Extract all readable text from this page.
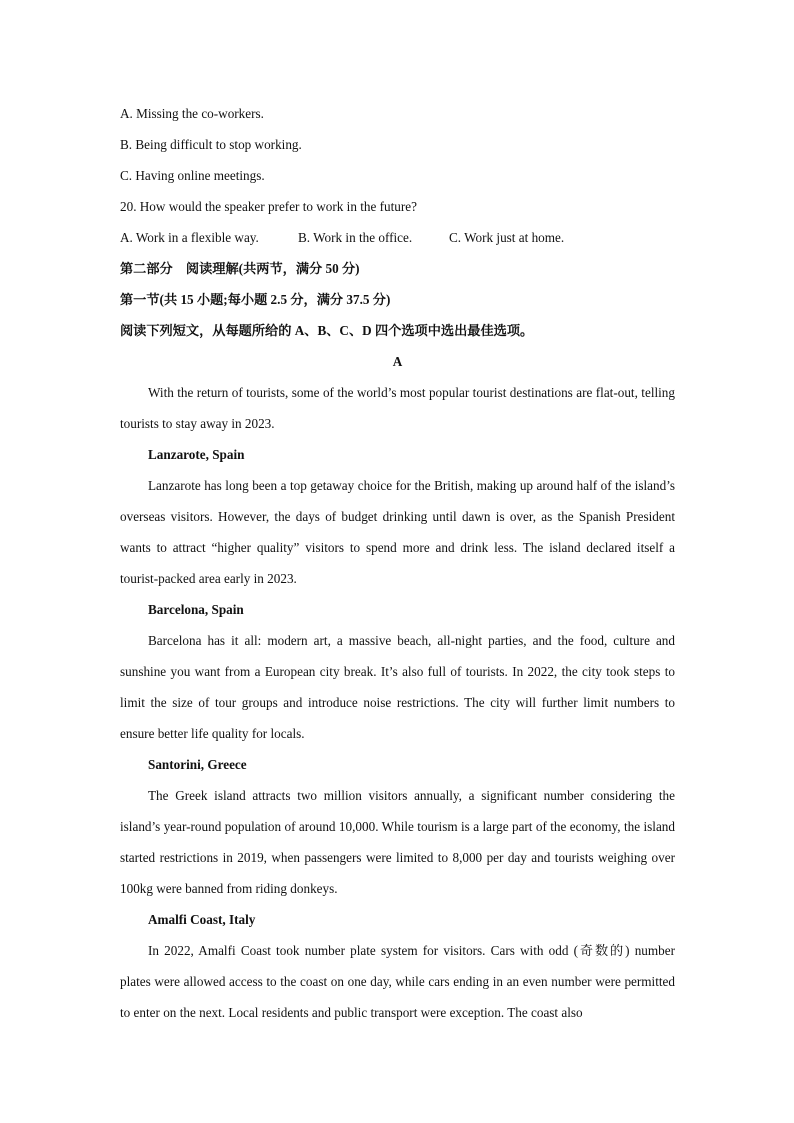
A. Missing the co-workers.
B. Being difficult to stop working.
C. Having online meetings.
20. How would the speaker prefer to work in the future?
A. Work in a flexible way.	B. Work in the office.	C. Work just at home.
第二部分　阅读理解(共两节，满分 50 分)
第一节(共 15 小题;每小题 2.5 分，满分 37.5 分)
阅读下列短文，从每题所给的 A、B、C、D 四个选项中选出最佳选项。
A
With the return of tourists, some of the world’s most popular tourist destinations are flat-out, telling tourists to stay away in 2023.
Lanzarote, Spain
Lanzarote has long been a top getaway choice for the British, making up around half of the island’s overseas visitors. However, the days of budget drinking until dawn is over, as the Spanish President wants to attract “higher quality” visitors to spend more and drink less. The island declared itself a tourist-packed area early in 2023.
Barcelona, Spain
Barcelona has it all: modern art, a massive beach, all-night parties, and the food, culture and sunshine you want from a European city break. It’s also full of tourists. In 2022, the city took steps to limit the size of tour groups and introduce noise restrictions. The city will further limit numbers to ensure better life quality for locals.
Santorini, Greece
The Greek island attracts two million visitors annually, a significant number considering the island’s year-round population of around 10,000. While tourism is a large part of the economy, the island started restrictions in 2019, when passengers were limited to 8,000 per day and tourists weighing over 100kg were banned from riding donkeys.
Amalfi Coast, Italy
In 2022, Amalfi Coast took number plate system for visitors. Cars with odd (奇数的) number plates were allowed access to the coast on one day, while cars ending in an even number were permitted to enter on the next. Local residents and public transport were exception. The coast also
